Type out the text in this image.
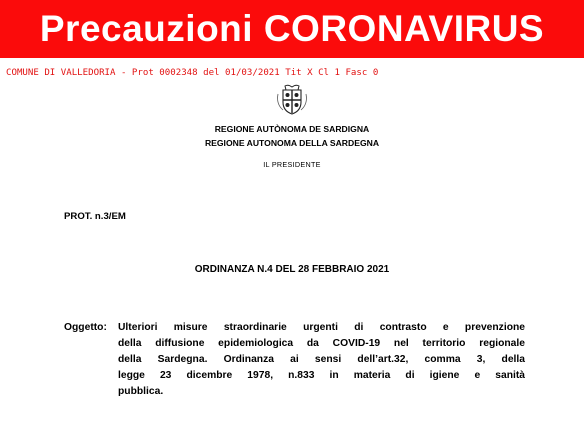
Precauzioni CORONAVIRUS
COMUNE DI VALLEDORIA - Prot 0002348 del 01/03/2021 Tit X Cl 1 Fasc 0
REGIONE AUTÒNOMA DE SARDIGNA
REGIONE AUTONOMA DELLA SARDEGNA
IL PRESIDENTE
PROT. n.3/EM
ORDINANZA N.4 DEL 28 FEBBRAIO 2021
Oggetto: Ulteriori misure straordinarie urgenti di contrasto e prevenzione
della diffusione epidemiologica da COVID-19 nel territorio regionale
della Sardegna. Ordinanza ai sensi dell’art.32, comma 3, della
legge 23 dicembre 1978, n.833 in materia di igiene e sanità
pubblica.
